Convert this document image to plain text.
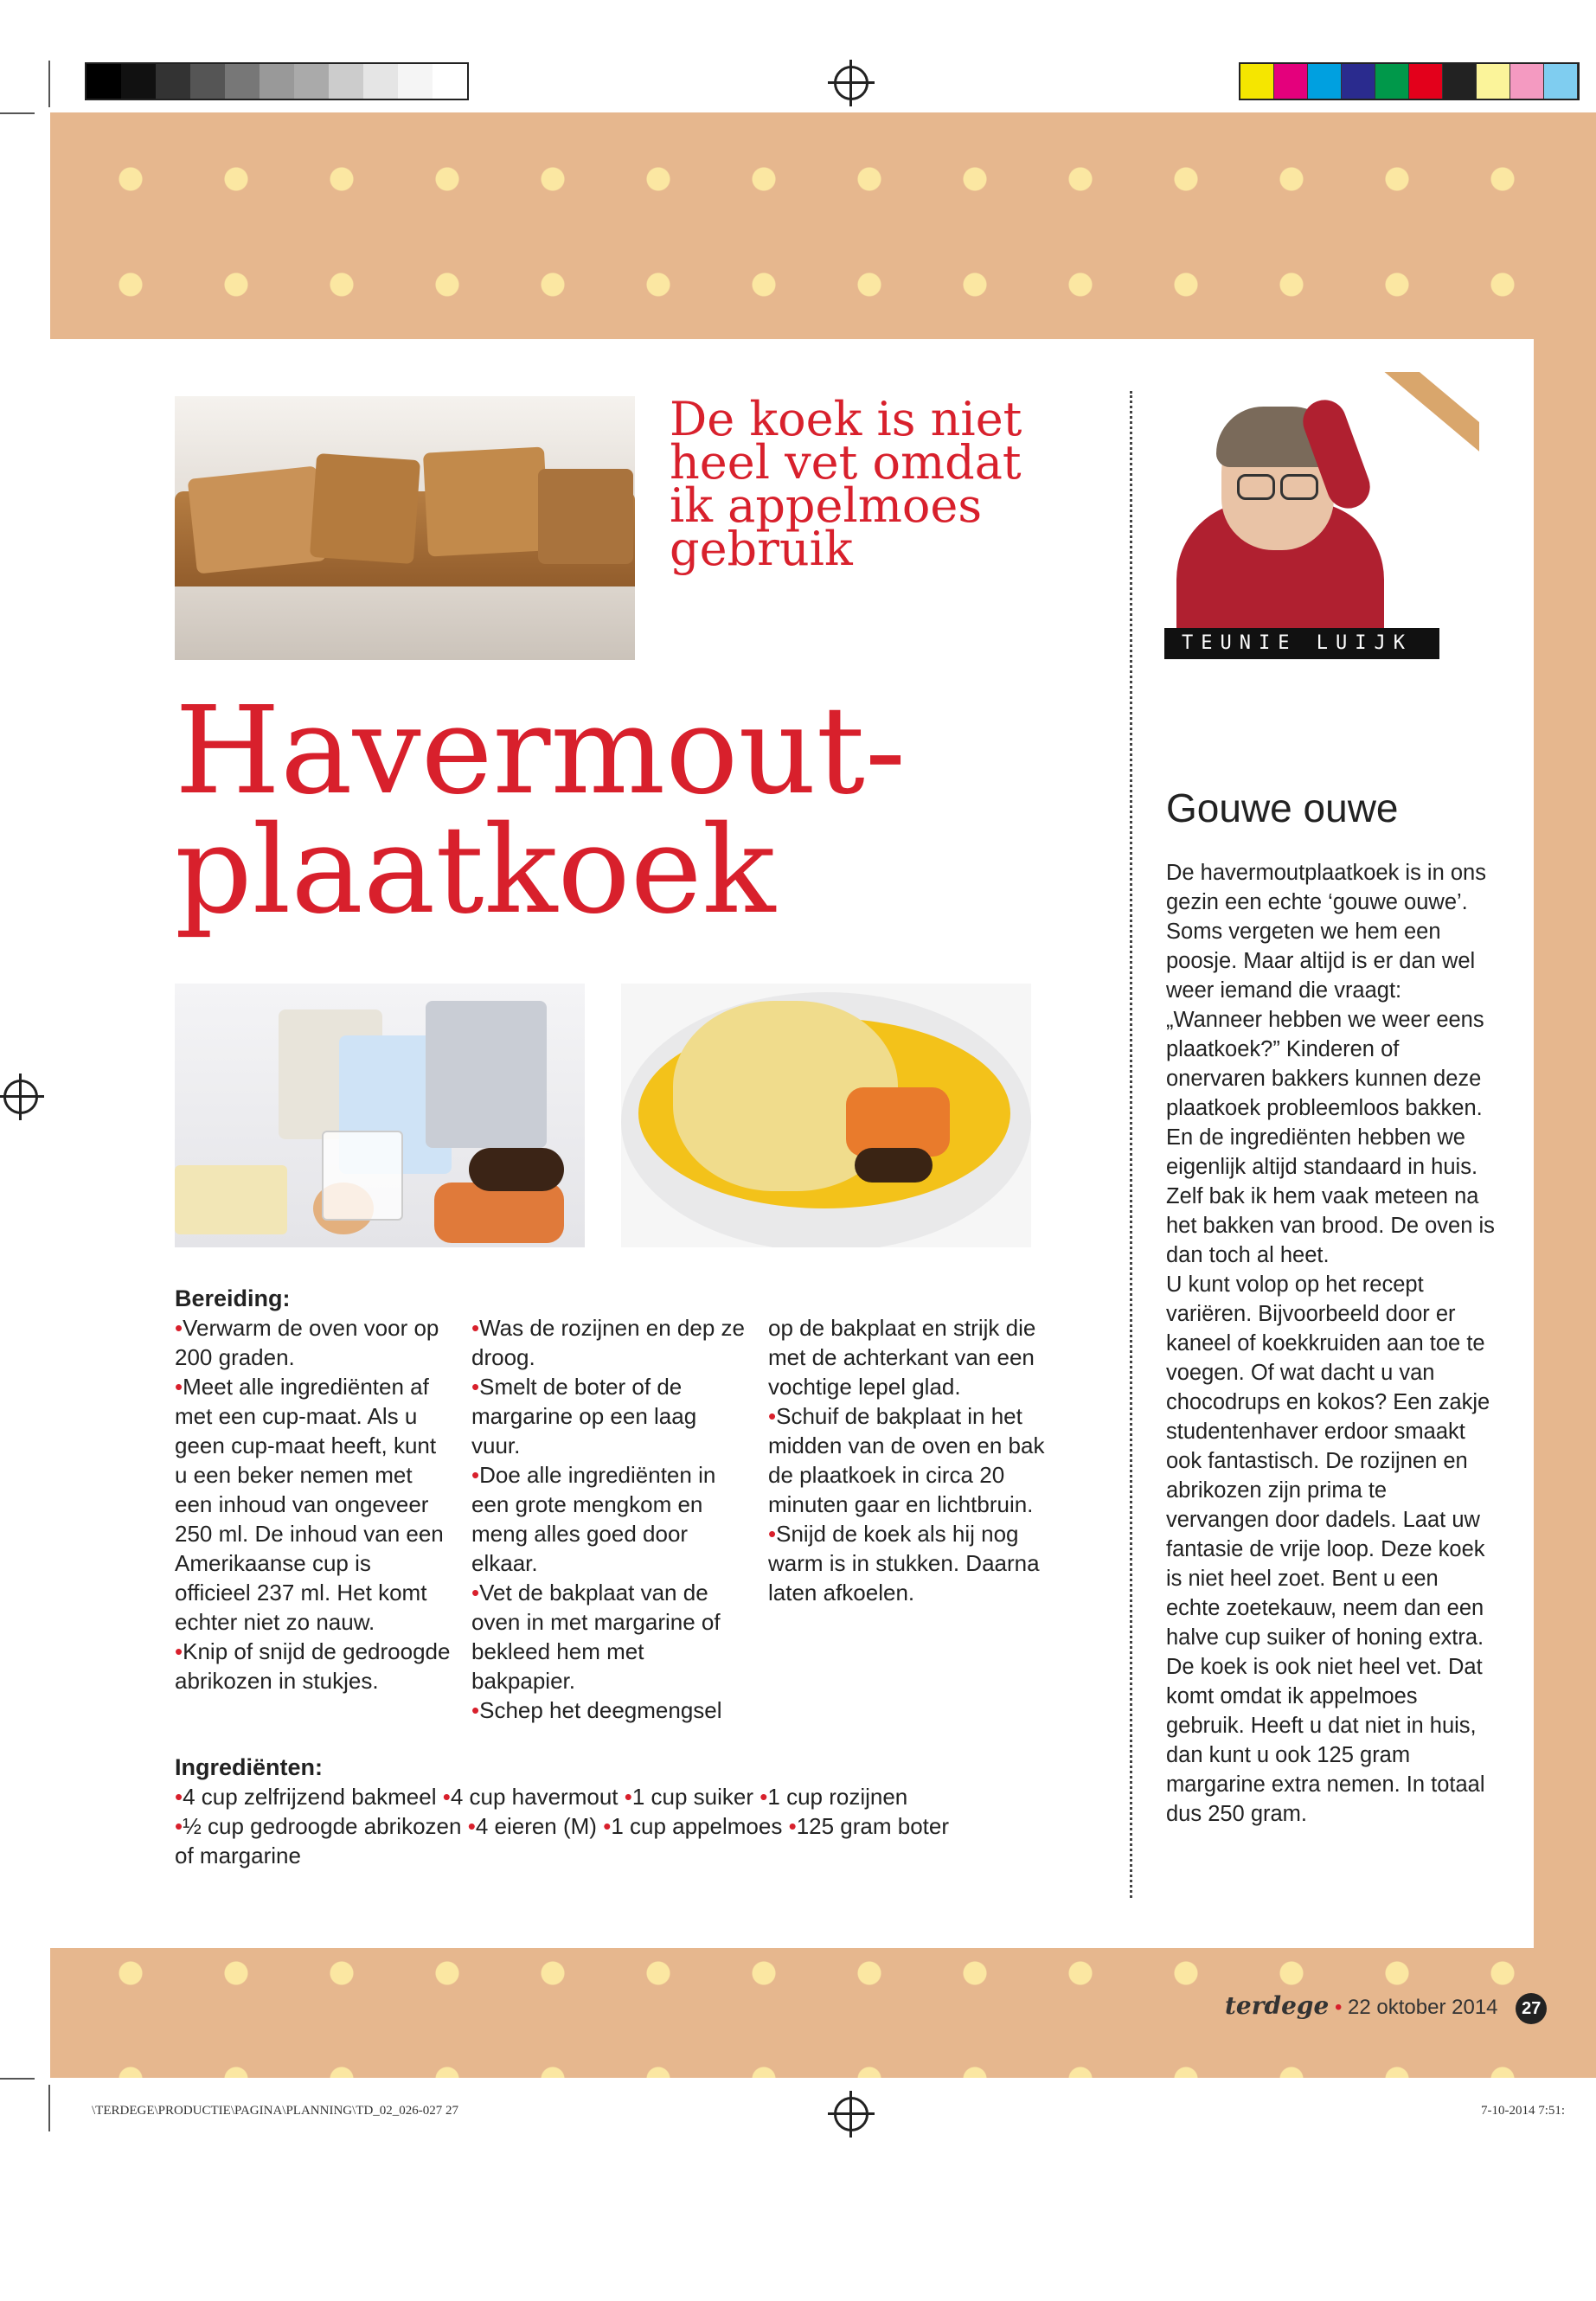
De koek is niet heel vet omdat ik appelmoes gebruik
TEUNIE LUIJK
Havermout-
plaatkoek
Bereiding:

• Verwarm de oven voor op 200 graden.

• Meet alle ingrediënten af met een cup-maat. Als u geen cup-maat heeft, kunt u een beker nemen met een inhoud van ongeveer 250 ml. De inhoud van een Amerikaanse cup is officieel 237 ml. Het komt echter niet zo nauw.

• Knip of snijd de gedroogde abrikozen in stukjes.

• Was de rozijnen en dep ze droog.

• Smelt de boter of de margarine op een laag vuur.

• Doe alle ingrediënten in een grote mengkom en meng alles goed door elkaar.

• Vet de bakplaat van de oven in met margarine of bekleed hem met bakpapier.

• Schep het deegmengsel

op de bakplaat en strijk die met de achterkant van een vochtige lepel glad.

• Schuif de bakplaat in het midden van de oven en bak de plaatkoek in circa 20 minuten gaar en lichtbruin.

• Snijd de koek als hij nog warm is in stukken. Daarna laten afkoelen.

Ingrediënten:
• 4 cup zelfrijzend bakmeel • 4 cup havermout • 1 cup suiker • 1 cup rozijnen
• ½ cup gedroogde abrikozen • 4 eieren (M) • 1 cup appelmoes • 125 gram boter of margarine
Gouwe ouwe
De havermoutplaatkoek is in ons gezin een echte ‘gouwe ouwe’. Soms vergeten we hem een poosje. Maar altijd is er dan wel weer iemand die vraagt: „Wanneer hebben we weer eens plaatkoek?” Kinderen of onervaren bakkers kunnen deze plaatkoek probleemloos bakken. En de ingrediënten hebben we eigenlijk altijd standaard in huis.
Zelf bak ik hem vaak meteen na het bakken van brood. De oven is dan toch al heet.
U kunt volop op het recept variëren. Bijvoorbeeld door er kaneel of koekkruiden aan toe te voegen. Of wat dacht u van chocodrups en kokos? Een zakje studentenhaver erdoor smaakt ook fantastisch. De rozijnen en abrikozen zijn prima te vervangen door dadels. Laat uw fantasie de vrije loop. Deze koek is niet heel zoet. Bent u een echte zoetekauw, neem dan een halve cup suiker of honing extra.
De koek is ook niet heel vet. Dat komt omdat ik appelmoes gebruik. Heeft u dat niet in huis, dan kunt u ook 125 gram margarine extra nemen. In totaal dus 250 gram.
terdege • 22 oktober 2014 27
\TERDEGE\PRODUCTIE\PAGINA\PLANNING\TD_02_026-027 27	7-10-2014 7:51:
